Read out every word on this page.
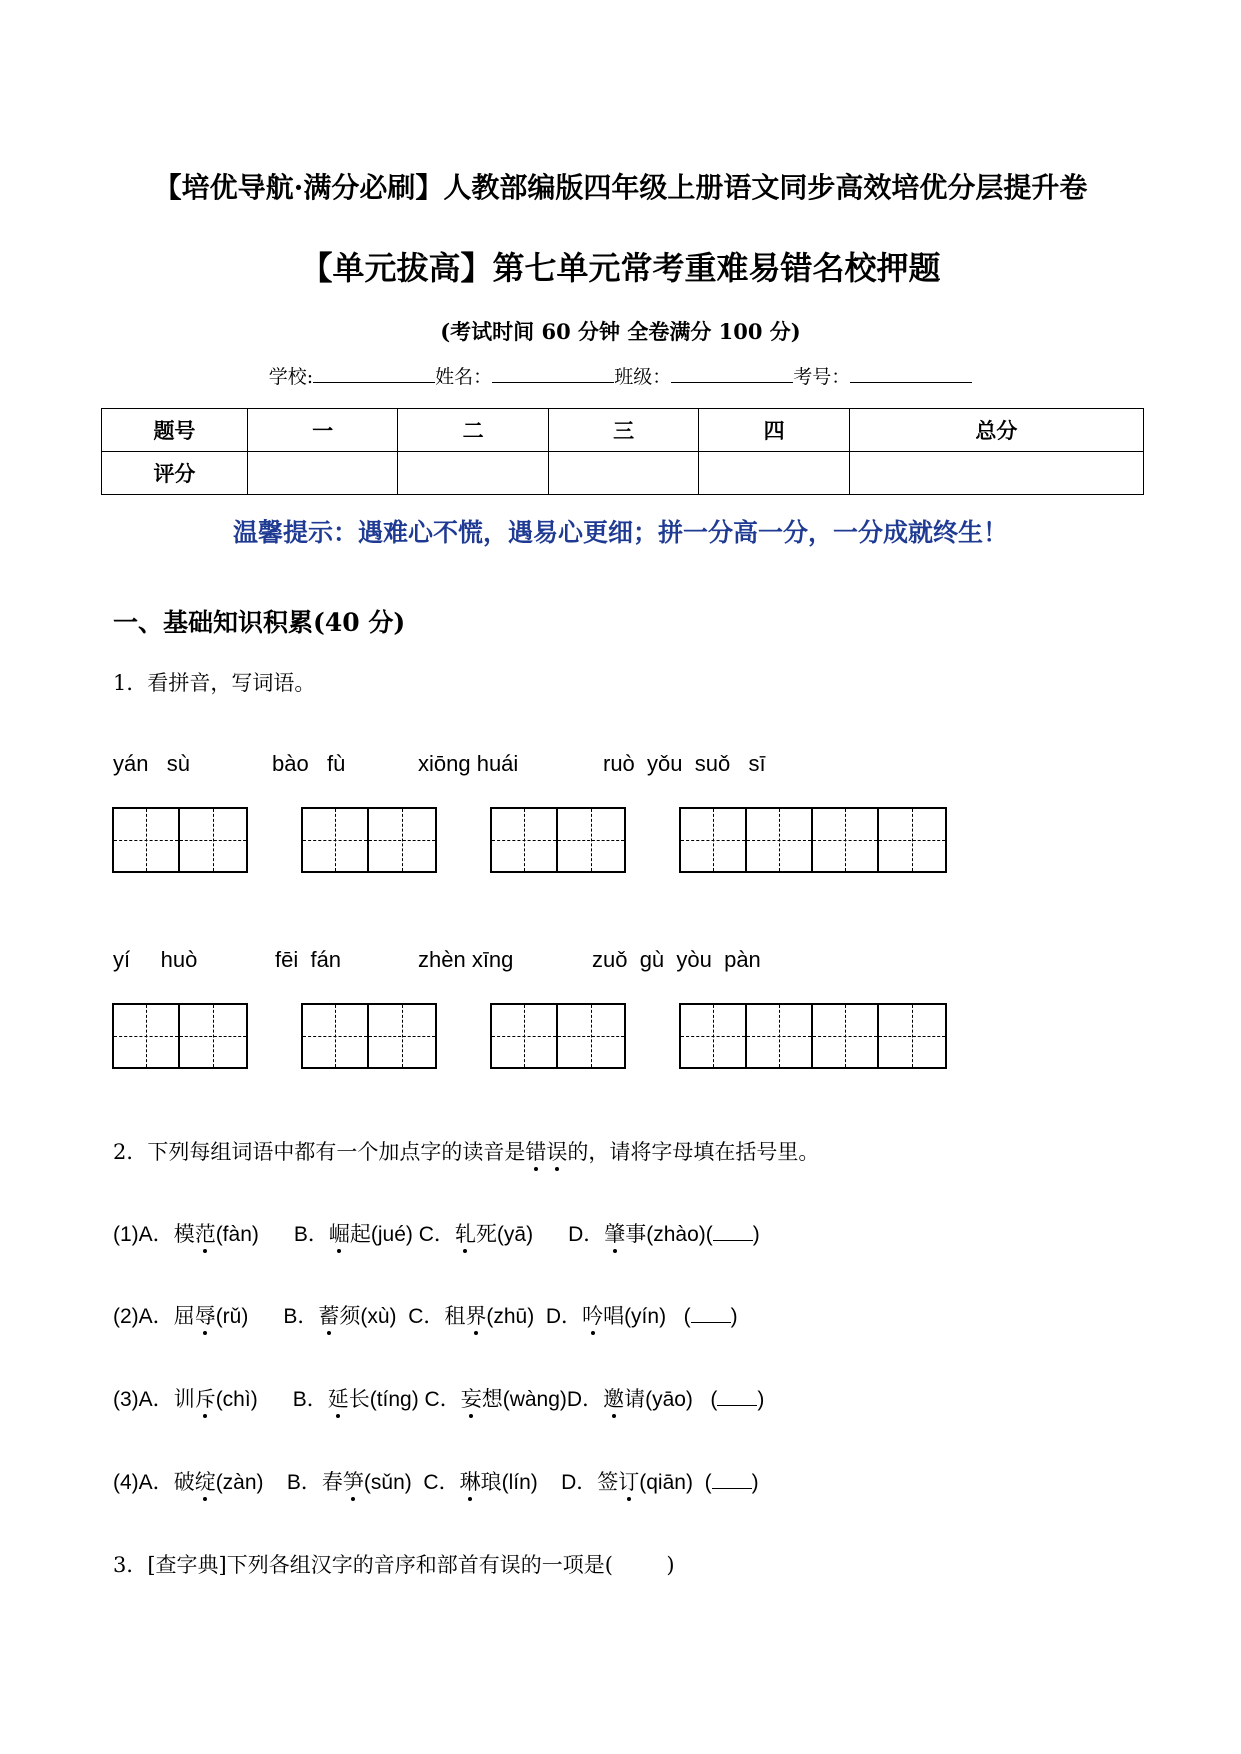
【培优导航·满分必刷】人教部编版四年级上册语文同步高效培优分层提升卷
【单元拔高】第七单元常考重难易错名校押题
(考试时间 60 分钟 全卷满分 100 分)
学校:	姓名：	班级：	考号：
题号	一	二	三	四	总分
评分					
温馨提示：遇难心不慌，遇易心更细；拼一分高一分，一分成就终生！
一、基础知识积累(40 分)
1．看拼音，写词语。
yán   sù	bào   fù	xiōng huái	ruò  yǒu  suǒ   sī
yí     huò	fēi  fán	zhèn xīng	zuǒ  gù  yòu  pàn
2．下列每组词语中都有一个加点字的读音是错误的，请将字母填在括号里。
(1)A．模范(fàn)      B．崛起(jué) C．轧死(yā)      D．肇事(zhào)( )
(2)A．屈辱(rǔ)      B．蓄须(xù)  C．租界(zhū)  D．吟唱(yín)   ( )
(3)A．训斥(chì)      B．延长(tíng) C．妄想(wàng)D．邀请(yāo)   ( )
(4)A．破绽(zàn)    B．春笋(sǔn)  C．琳琅(lín)    D．签订(qiān)  ( )
3．[查字典]下列各组汉字的音序和部首有误的一项是(        )
